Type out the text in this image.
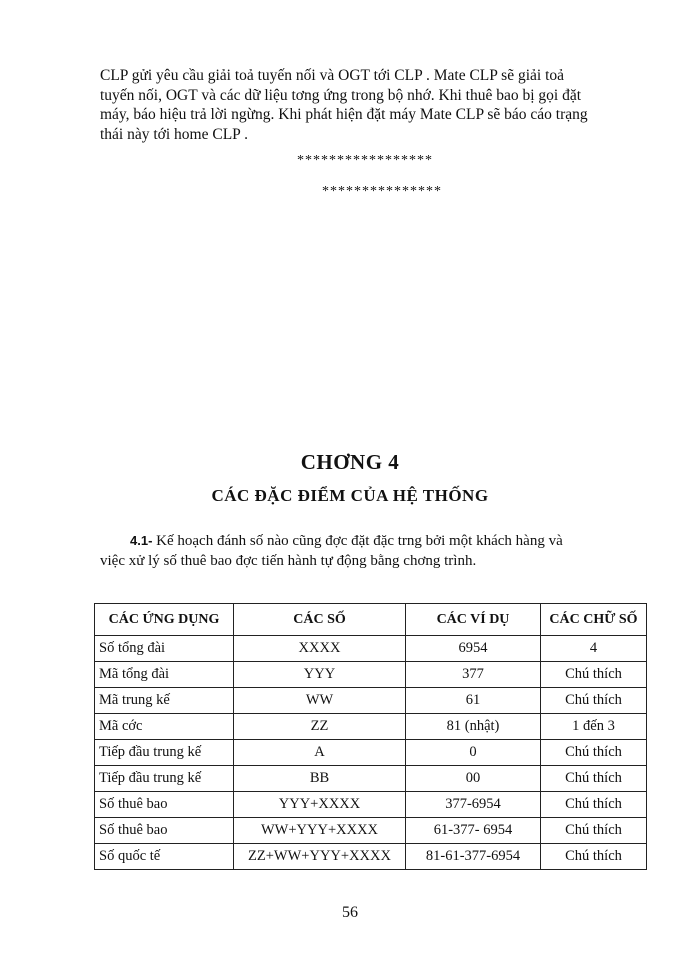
CLP gửi yêu cầu giải toả tuyến nối và OGT tới CLP . Mate CLP sẽ giải toả
tuyến nối, OGT và các dữ liệu tơng ứng trong bộ nhớ. Khi thuê bao bị gọi đặt
máy, báo hiệu trả lời ngừng. Khi phát hiện đặt máy Mate CLP sẽ báo cáo trạng
thái này tới home CLP .
*****************
***************
CHƠNG 4
CÁC ĐẶC ĐIỂM CỦA HỆ THỐNG
4.1- Kế hoạch đánh số nào cũng đợc đặt đặc trng bởi một khách hàng và
việc xử lý số thuê bao đợc tiến hành tự động bằng chơng trình.
CÁC ỨNG DỤNG	CÁC SỐ	CÁC VÍ DỤ	CÁC CHỮ SỐ
Số tổng đài	XXXX	6954	4
Mã tổng đài	YYY	377	Chú thích
Mã trung kế	WW	61	Chú thích
Mã cớc	ZZ	81 (nhật)	1 đến 3
Tiếp đầu trung kế	A	0	Chú thích
Tiếp đầu trung kế	BB	00	Chú thích
Số thuê bao	YYY+XXXX	377-6954	Chú thích
Số thuê bao	WW+YYY+XXXX	61-377- 6954	Chú thích
Số quốc tế	ZZ+WW+YYY+XXXX	81-61-377-6954	Chú thích
56
